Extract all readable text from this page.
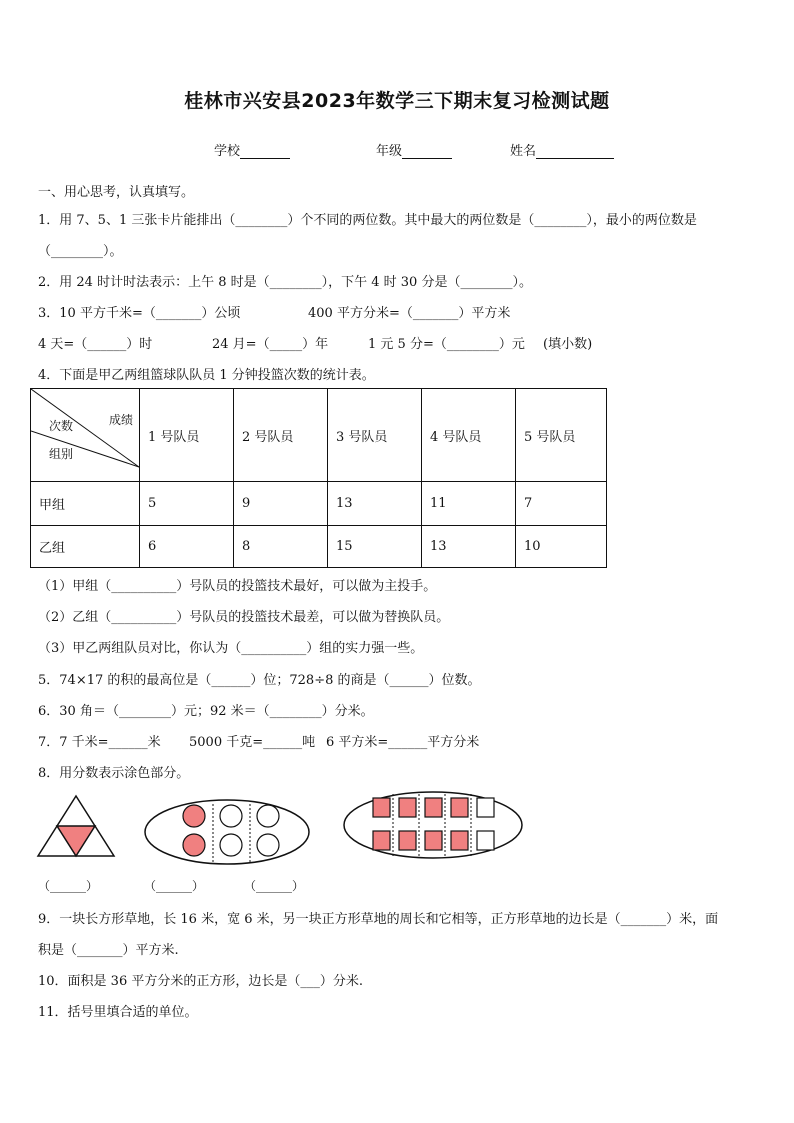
桂林市兴安县2023年数学三下期末复习检测试题
学校	年级	姓名
一、用心思考，认真填写。
1．用 7、5、1 三张卡片能排出（________）个不同的两位数。其中最大的两位数是（________），最小的两位数是
（________）。
2．用 24 时计时法表示：上午 8 时是（________），下午 4 时 30 分是（________）。
3．10 平方千米=（_______）公顷	400 平方分米=（_______）平方米
4 天=（______）时	24 月=（_____）年	1 元 5 分=（________）元 (填小数)
4．下面是甲乙两组篮球队队员 1 分钟投篮次数的统计表。
成绩
次数
组别	1 号队员	2 号队员	3 号队员	4 号队员	5 号队员
甲组	5	9	13	11	7
乙组	6	8	15	13	10
（1）甲组（__________）号队员的投篮技术最好，可以做为主投手。
（2）乙组（__________）号队员的投篮技术最差，可以做为替换队员。
（3）甲乙两组队员对比，你认为（__________）组的实力强一些。
5．74×17 的积的最高位是（______）位；728÷8 的商是（______）位数。
6．30 角＝（________）元；92 米＝（________）分米。
7．7 千米=______米 5000 千克=______吨 6 平方米=______平方分米
8．用分数表示涂色部分。
（______）	（______）	（______）
9．一块长方形草地，长 16 米，宽 6 米，另一块正方形草地的周长和它相等，正方形草地的边长是（_______）米，面
积是（_______）平方米.
10．面积是 36 平方分米的正方形，边长是（___）分米.
11．括号里填合适的单位。
